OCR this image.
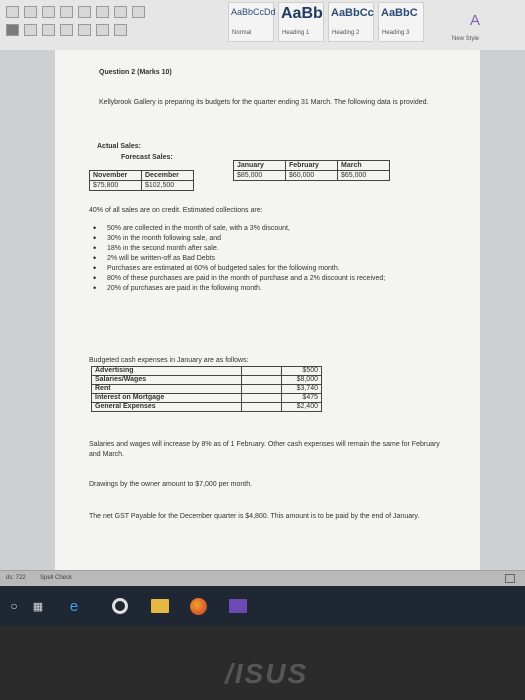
AaBbCcDd
Normal
AaBb
Heading 1
AaBbCc
Heading 2
AaBbC
Heading 3
A
New Style
Question 2 (Marks 10)
Kellybrook Gallery is preparing its budgets for the quarter ending 31 March. The following data is provided.
Actual Sales:
Forecast Sales:
November	December
$75,800	$102,500
January	February	March
$85,000	$60,000	$65,000
40% of all sales are on credit. Estimated collections are:
• 50% are collected in the month of sale, with a 3% discount,
• 30% in the month following sale, and
• 18% in the second month after sale.
• 2% will be written-off as Bad Debts
• Purchases are estimated at 60% of budgeted sales for the following month.
• 80% of these purchases are paid in the month of purchase and a 2% discount is received;
• 20% of purchases are paid in the following month.
Budgeted cash expenses in January are as follows:
I
Advertising		$500
Salaries/Wages		$8,000
Rent		$3,740
Interest on Mortgage		$475
General Expenses		$2,400
Salaries and wages will increase by 8% as of 1 February. Other cash expenses will remain the same for February and March.
Drawings by the owner amount to $7,000 per month.
The net GST Payable for the December quarter is $4,800. This amount is to be paid by the end of January.
ds: 722 Spell Check
○	▦	e
/ISUS
